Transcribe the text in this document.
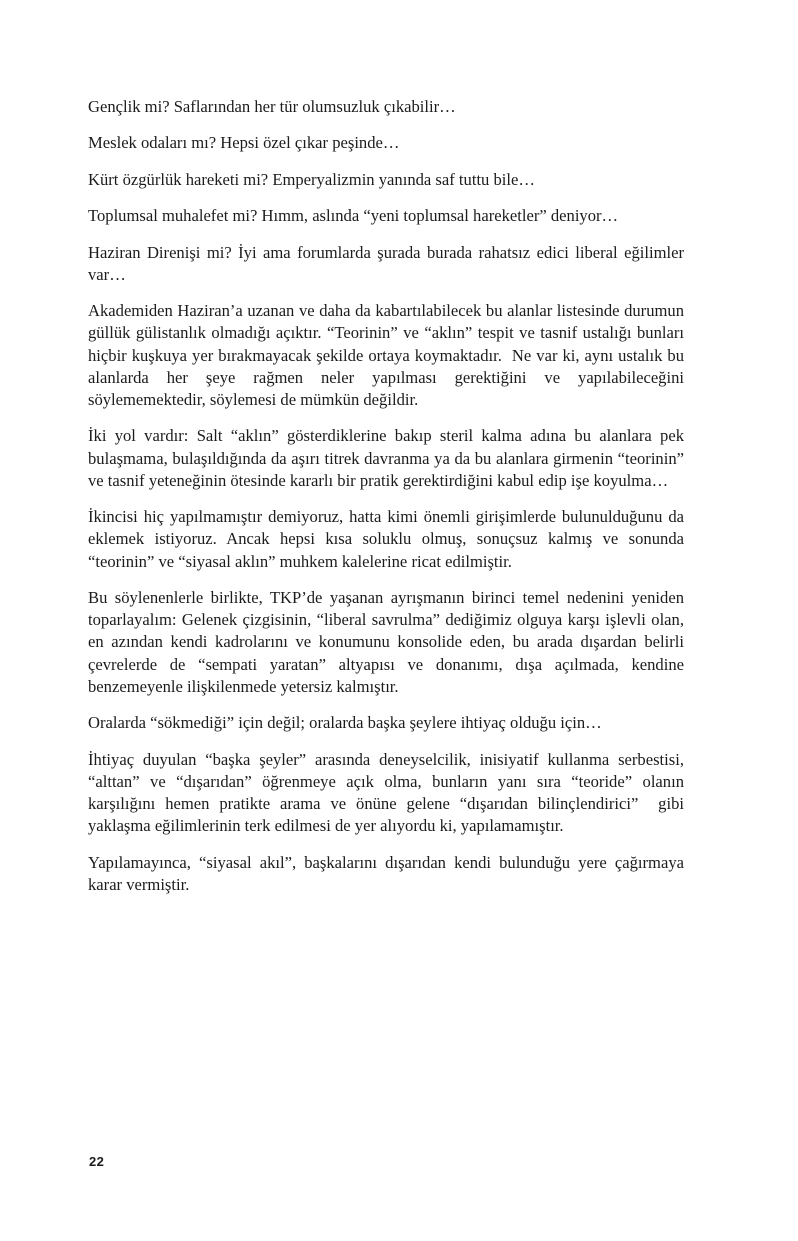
Gençlik mi? Saflarından her tür olumsuzluk çıkabilir…

Meslek odaları mı? Hepsi özel çıkar peşinde…

Kürt özgürlük hareketi mi? Emperyalizmin yanında saf tuttu bile…

Toplumsal muhalefet mi? Hımm, aslında “yeni toplumsal hareketler” deniyor…

Haziran Direnişi mi? İyi ama forumlarda şurada burada rahatsız edici liberal eğilimler var…

Akademiden Haziran’a uzanan ve daha da kabartılabilecek bu alanlar listesinde durumun güllük gülistanlık olmadığı açıktır. “Teorinin” ve “aklın” tespit ve tasnif ustalığı bunları hiçbir kuşkuya yer bırakmayacak şekilde ortaya koymaktadır.  Ne var ki, aynı ustalık bu alanlarda her şeye rağmen neler yapılması gerektiğini ve yapılabileceğini söylememektedir, söylemesi de mümkün değildir.

İki yol vardır: Salt “aklın” gösterdiklerine bakıp steril kalma adına bu alanlara pek bulaşmama, bulaşıldığında da aşırı titrek davranma ya da bu alanlara girmenin “teorinin” ve tasnif yeteneğinin ötesinde kararlı bir pratik gerektirdiğini kabul edip işe koyulma…

İkincisi hiç yapılmamıştır demiyoruz, hatta kimi önemli girişimlerde bulunulduğunu da eklemek istiyoruz. Ancak hepsi kısa soluklu olmuş, sonuçsuz kalmış ve sonunda “teorinin” ve “siyasal aklın” muhkem kalelerine ricat edilmiştir.

Bu söylenenlerle birlikte, TKP’de yaşanan ayrışmanın birinci temel nedenini yeniden toparlayalım: Gelenek çizgisinin, “liberal savrulma” dediğimiz olguya karşı işlevli olan, en azından kendi kadrolarını ve konumunu konsolide eden, bu arada dışardan belirli çevrelerde de “sempati yaratan” altyapısı ve donanımı, dışa açılmada, kendine benzemeyenle ilişkilenmede yetersiz kalmıştır.

Oralarda “sökmediği” için değil; oralarda başka şeylere ihtiyaç olduğu için…

İhtiyaç duyulan “başka şeyler” arasında deneyselcilik, inisiyatif kullanma serbestisi, “alttan” ve “dışarıdan” öğrenmeye açık olma, bunların yanı sıra “teoride” olanın karşılığını hemen pratikte arama ve önüne gelene “dışarıdan bilinçlendirici”  gibi yaklaşma eğilimlerinin terk edilmesi de yer alıyordu ki, yapılamamıştır.

Yapılamayınca, “siyasal akıl”, başkalarını dışarıdan kendi bulunduğu yere çağırmaya karar vermiştir.

22
